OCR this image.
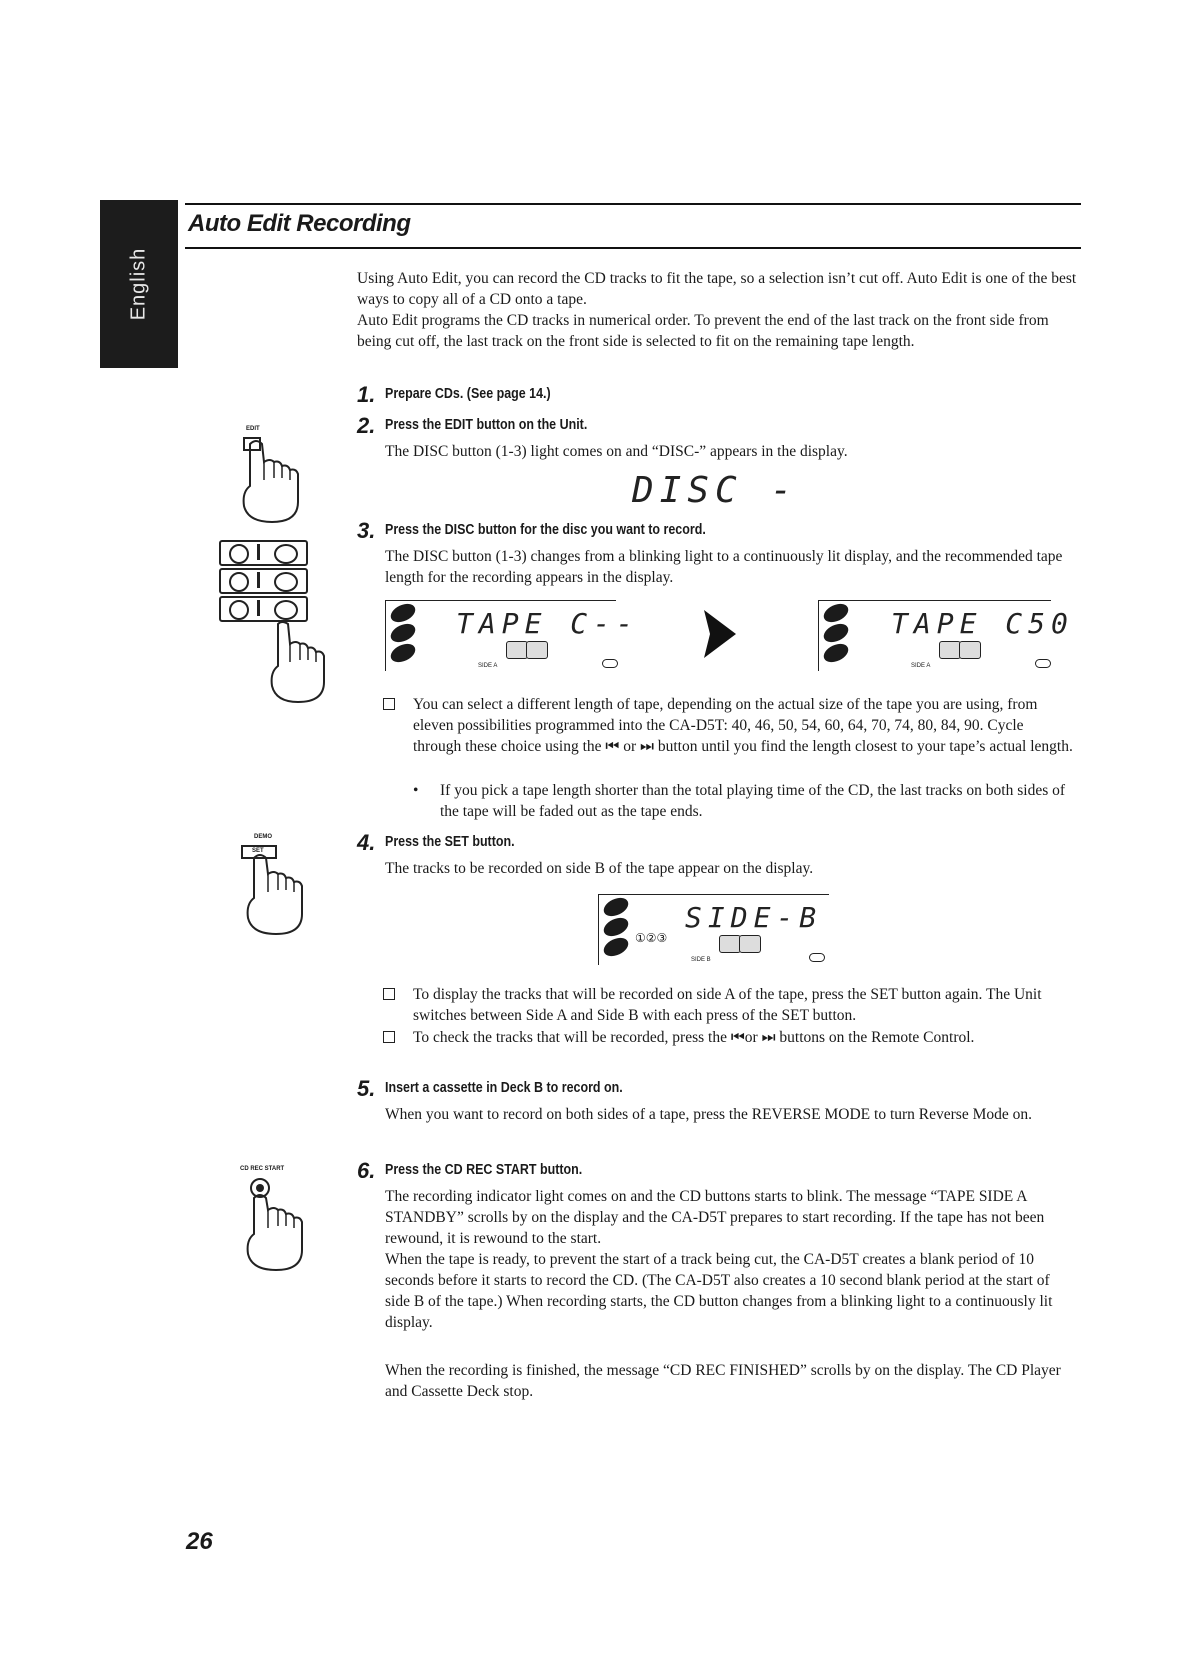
English
Auto Edit Recording

Using Auto Edit, you can record the CD tracks to fit the tape, so a selection isn’t cut off. Auto Edit is one of the best ways to copy all of a CD onto a tape.

Auto Edit programs the CD tracks in numerical order. To prevent the end of the last track on the front side from being cut off, the last track on the front side is selected to fit on the remaining tape length.

1. Prepare CDs. (See page 14.)
2. Press the EDIT button on the Unit.
The DISC button (1-3) light comes on and “DISC-” appears in the display.
DISC -
EDIT
3. Press the DISC button for the disc you want to record.
The DISC button (1-3) changes from a blinking light to a continuously lit display, and the recommended tape length for the recording appears in the display.
TAPE C--
SIDE A
TAPE C50
SIDE A
You can select a different length of tape, depending on the actual size of the tape you are using, from eleven possibilities programmed into the CA-D5T: 40, 46, 50, 54, 60, 64, 70, 74, 80, 84, 90. Cycle through these choice using the ⏮ or ⏭ button until you find the length closest to your tape’s actual length.
• If you pick a tape length shorter than the total playing time of the CD, the last tracks on both sides of the tape will be faded out as the tape ends.
DEMO
SET	4. Press the SET button.
The tracks to be recorded on side B of the tape appear on the display.
SIDE-B
SIDE B
①②③
To display the tracks that will be recorded on side A of the tape, press the SET button again. The Unit switches between Side A and Side B with each press of the SET button.
To check the tracks that will be recorded, press the ⏮or ⏭ buttons on the Remote Control.
5. Insert a cassette in Deck B to record on.
When you want to record on both sides of a tape, press the REVERSE MODE to turn Reverse Mode on.
CD REC START	6. Press the CD REC START button.
The recording indicator light comes on and the CD buttons starts to blink. The message “TAPE SIDE A STANDBY” scrolls by on the display and the CA-D5T prepares to start recording. If the tape has not been rewound, it is rewound to the start.
When the tape is ready, to prevent the start of a track being cut, the CA-D5T creates a blank period of 10 seconds before it starts to record the CD. (The CA-D5T also creates a 10 second blank period at the start of side B of the tape.) When recording starts, the CD button changes from a blinking light to a continuously lit display.
When the recording is finished, the message “CD REC FINISHED” scrolls by on the display. The CD Player and Cassette Deck stop.
26
